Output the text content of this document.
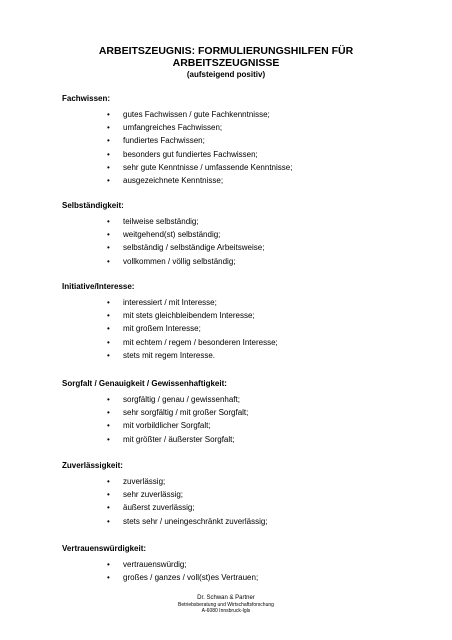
ARBEITSZEUGNIS: FORMULIERUNGSHILFEN FÜR
ARBEITSZEUGNISSE

(aufsteigend positiv)

Fachwissen:

• gutes Fachwissen / gute Fachkenntnisse;
• umfangreiches Fachwissen;
• fundiertes Fachwissen;
• besonders gut fundiertes Fachwissen;
• sehr gute Kenntnisse / umfassende Kenntnisse;
• ausgezeichnete Kenntnisse;

Selbständigkeit:

• teilweise selbständig;
• weitgehend(st) selbständig;
• selbständig / selbständige Arbeitsweise;
• vollkommen / völlig selbständig;

Initiative/Interesse:

• interessiert / mit Interesse;
• mit stets gleichbleibendem Interesse;
• mit großem Interesse;
• mit echtem / regem / besonderen Interesse;
• stets mit regem Interesse.

Sorgfalt / Genauigkeit / Gewissenhaftigkeit:

• sorgfältig / genau / gewissenhaft;
• sehr sorgfältig / mit großer Sorgfalt;
• mit vorbildlicher Sorgfalt;
• mit größter / äußerster Sorgfalt;

Zuverlässigkeit:

• zuverlässig;
• sehr zuverlässig;
• äußerst zuverlässig;
• stets sehr / uneingeschränkt zuverlässig;

Vertrauenswürdigkeit:

• vertrauenswürdig;
• großes / ganzes / voll(st)es Vertrauen;
Dr. Schwan & Partner
Betriebsberatung und Wirtschaftsforschung
A-6080 Innsbruck-Igls
